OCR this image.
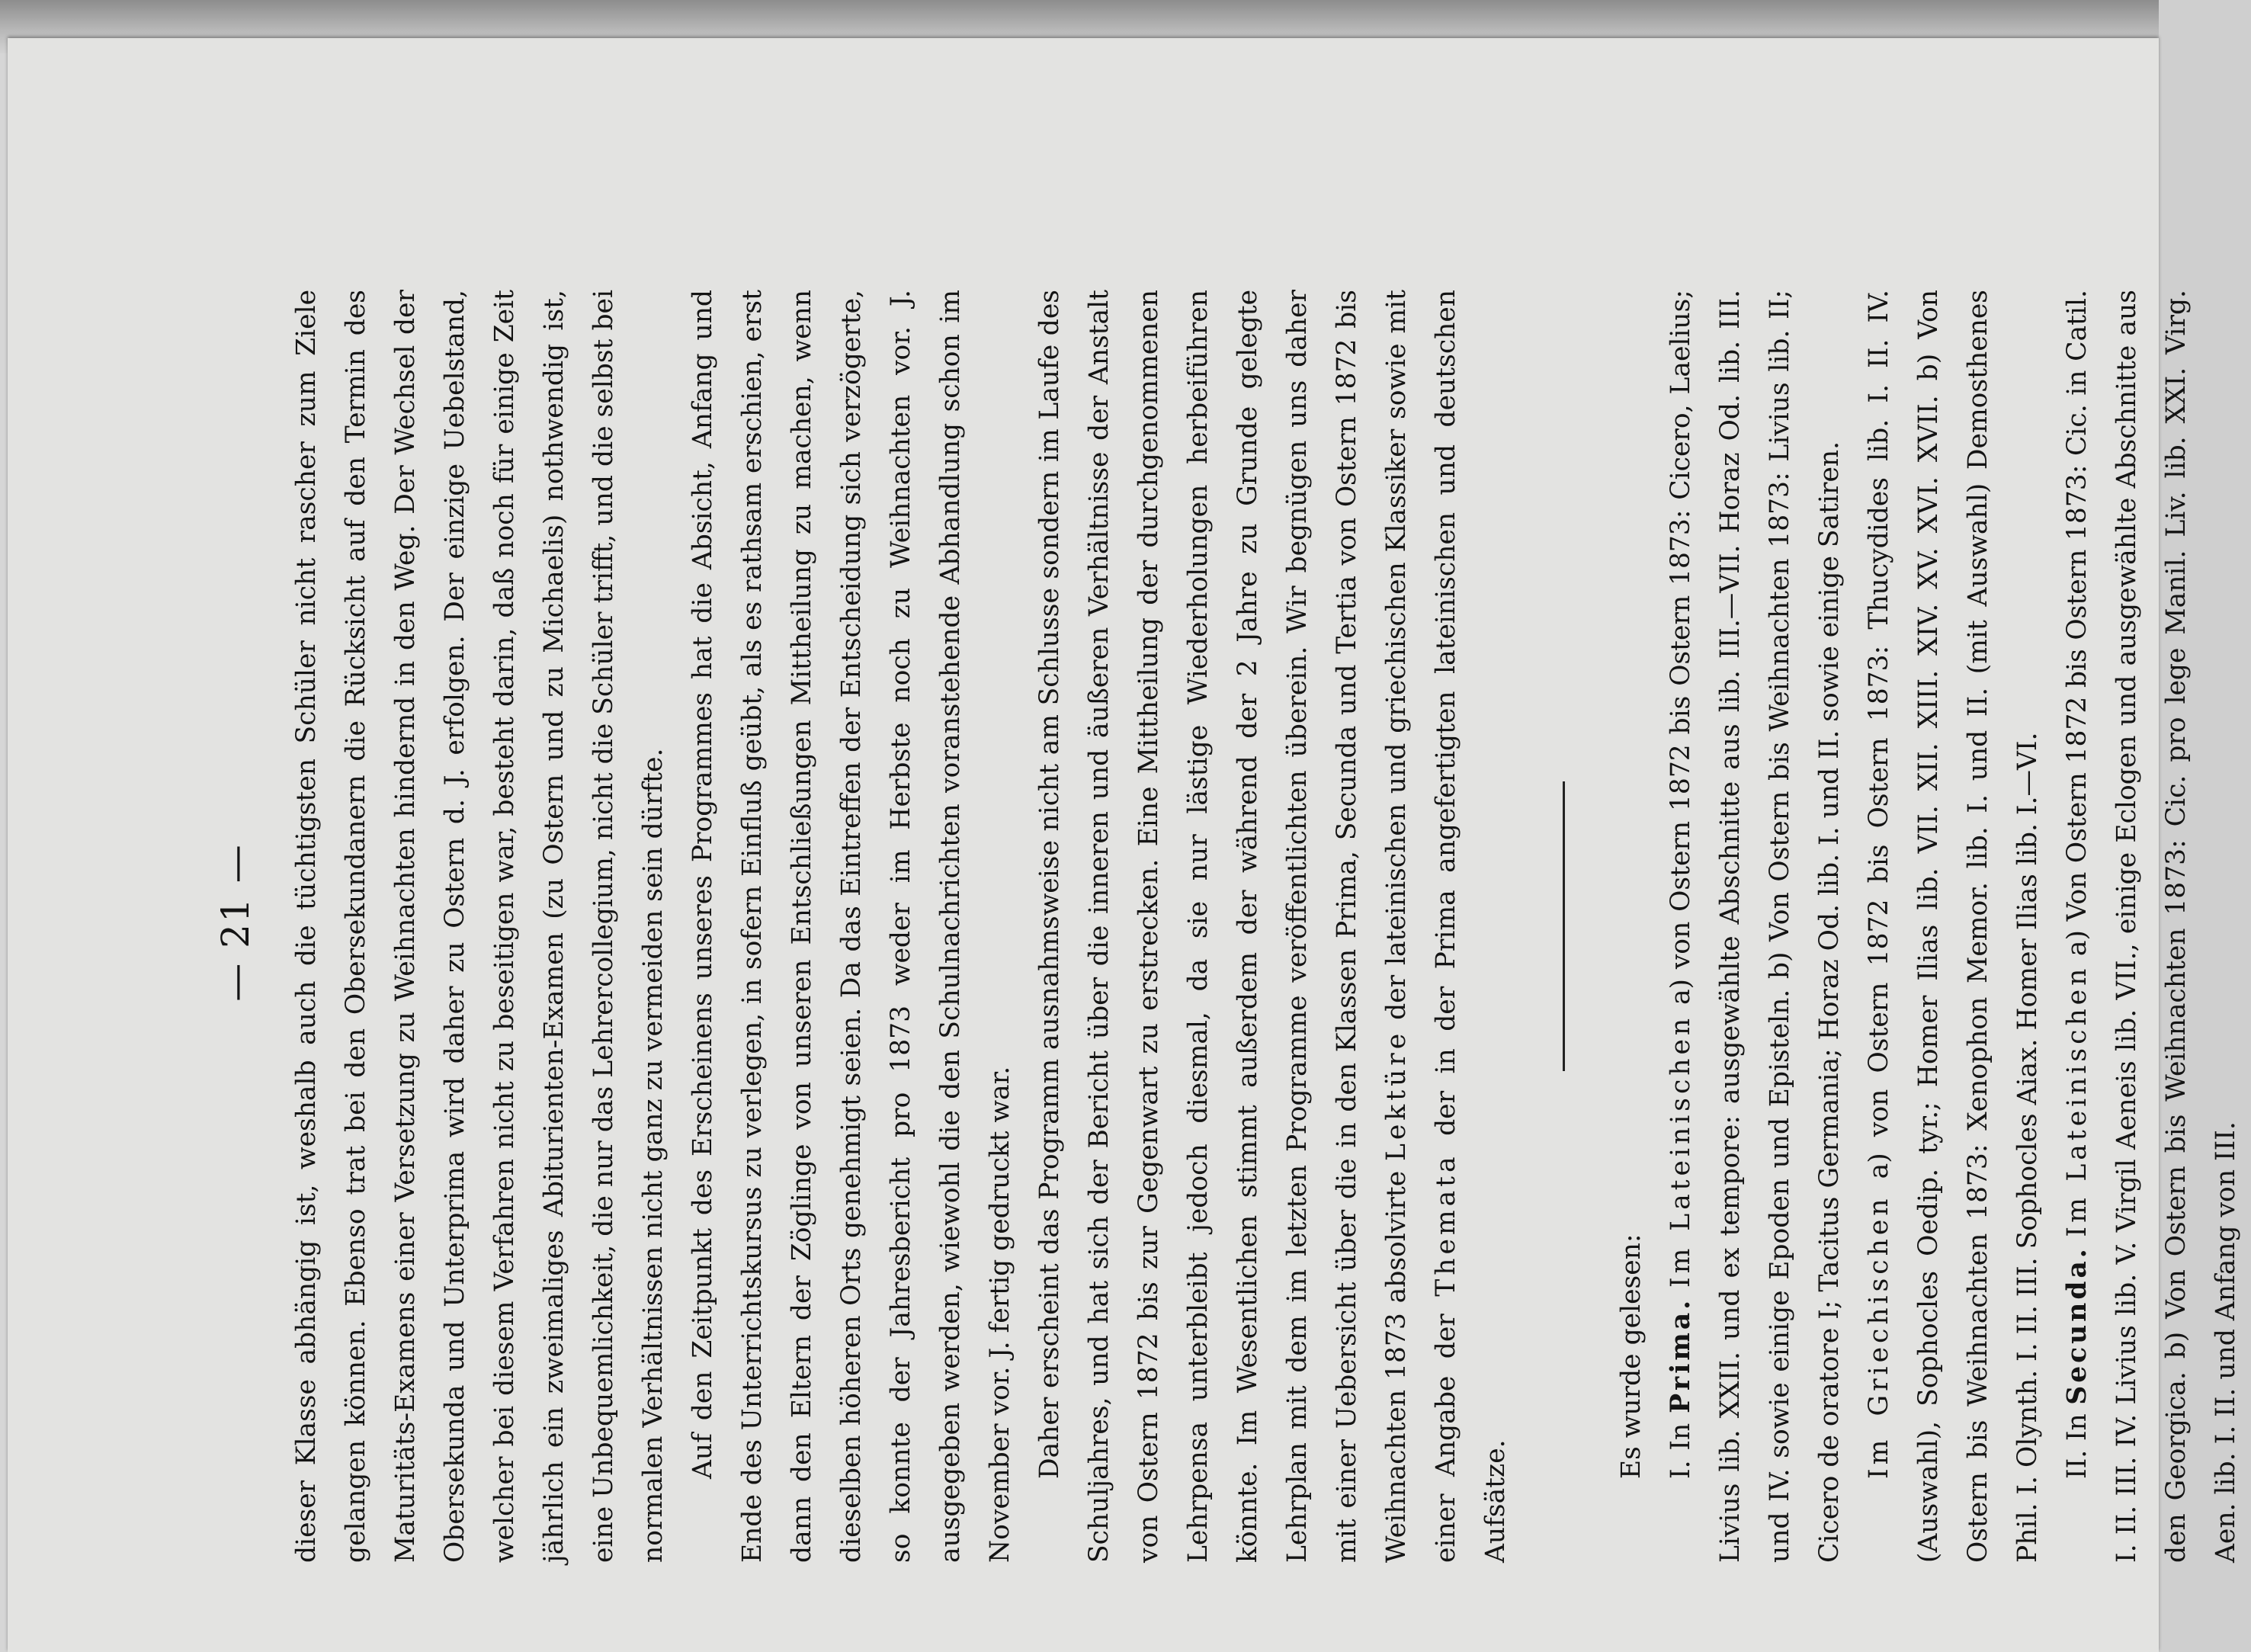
— 21 —	dieser Klasse abhängig ist, weshalb auch die tüchtigsten Schüler nicht rascher zum Ziele gelangen können. Ebenso trat bei den Obersekundanern die Rücksicht auf den Termin des Maturitäts-Examens einer Versetzung zu Weihnachten hindernd in den Weg. Der Wechsel der Obersekunda und Unterprima wird daher zu Ostern d. J. erfolgen. Der einzige Uebelstand, welcher bei diesem Verfahren nicht zu beseitigen war, besteht darin, daß noch für einige Zeit jährlich ein zweimaliges Abiturienten-Examen (zu Ostern und zu Michaelis) nothwendig ist, eine Unbequemlichkeit, die nur das Lehrercollegium, nicht die Schüler trifft, und die selbst bei normalen Verhältnissen nicht ganz zu vermeiden sein dürfte. Auf den Zeitpunkt des Erscheinens unseres Programmes hat die Absicht, Anfang und Ende des Unterrichtskursus zu verlegen, in sofern Einfluß geübt, als es rathsam erschien, erst dann den Eltern der Zöglinge von unseren Entschließungen Mittheilung zu machen, wenn dieselben höheren Orts genehmigt seien. Da das Eintreffen der Entscheidung sich verzögerte, so konnte der Jahresbericht pro 1873 weder im Herbste noch zu Weihnachten vor. J. ausgegeben werden, wiewohl die den Schulnachrichten voranstehende Abhandlung schon im November vor. J. fertig gedruckt war. Daher erscheint das Programm ausnahmsweise nicht am Schlusse sondern im Laufe des Schuljahres, und hat sich der Bericht über die inneren und äußeren Verhältnisse der Anstalt von Ostern 1872 bis zur Gegenwart zu erstrecken. Eine Mittheilung der durchgenommenen Lehrpensa unterbleibt jedoch diesmal, da sie nur lästige Wiederholungen herbeiführen könnte. Im Wesentlichen stimmt außerdem der während der 2 Jahre zu Grunde gelegte Lehrplan mit dem im letzten Programme veröffentlichten überein. Wir begnügen uns daher mit einer Uebersicht über die in den Klassen Prima, Secunda und Tertia von Ostern 1872 bis Weihnachten 1873 absolvirte Lektüre der lateinischen und griechischen Klassiker sowie mit einer Angabe der Themata der in der Prima angefertigten lateinischen und deutschen Aufsätze.

Es wurde gelesen: I. In Prima. Im Lateinischen a) von Ostern 1872 bis Ostern 1873: Cicero, Laelius; Livius lib. XXII. und ex tempore: ausgewählte Abschnitte aus lib. III.—VII. Horaz Od. lib. III. und IV. sowie einige Epoden und Episteln. b) Von Ostern bis Weihnachten 1873: Livius lib. II; Cicero de oratore I; Tacitus Germania; Horaz Od. lib. I. und II. sowie einige Satiren. Im Griechischen a) von Ostern 1872 bis Ostern 1873: Thucydides lib. I. II. IV. (Auswahl), Sophocles Oedip. tyr.; Homer Ilias lib. VII. XII. XIII. XIV. XV. XVI. XVII. b) Von Ostern bis Weihnachten 1873: Xenophon Memor. lib. I. und II. (mit Auswahl) Demosthenes Phil. I. Olynth. I. II. III. Sophocles Aiax. Homer Ilias lib. I.—VI. II. In Secunda. Im Lateinischen a) Von Ostern 1872 bis Ostern 1873: Cic. in Catil. I. II. III. IV. Livius lib. V. Virgil Aeneis lib. VII., einige Eclogen und ausgewählte Abschnitte aus den Georgica. b) Von Ostern bis Weihnachten 1873: Cic. pro lege Manil. Liv. lib. XXI. Virg. Aen. lib. I. II. und Anfang von III.
